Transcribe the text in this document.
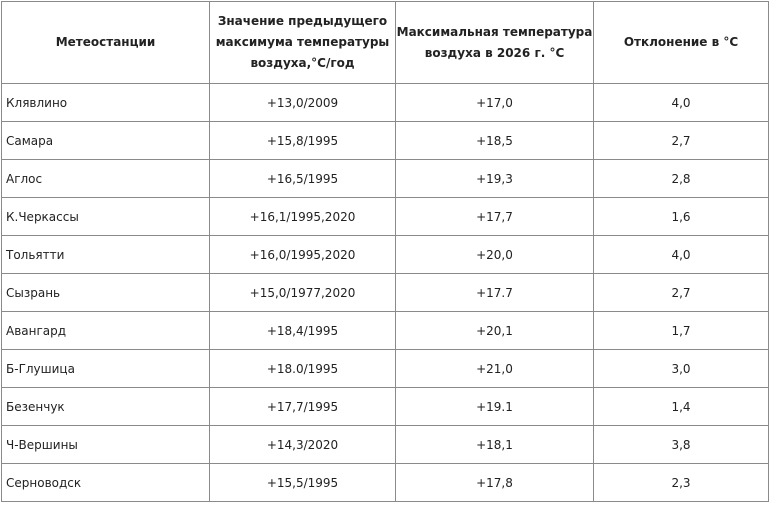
Метеостанции	Значение предыдущего максимума температуры воздуха,°С/год	Максимальная температура воздуха в 2026 г. °С	Отклонение в °С
Клявлино	+13,0/2009	+17,0	4,0
Самара	+15,8/1995	+18,5	2,7
Аглос	+16,5/1995	+19,3	2,8
К.Черкассы	+16,1/1995,2020	+17,7	1,6
Тольятти	+16,0/1995,2020	+20,0	4,0
Сызрань	+15,0/1977,2020	+17.7	2,7
Авангард	+18,4/1995	+20,1	1,7
Б-Глушица	+18.0/1995	+21,0	3,0
Безенчук	+17,7/1995	+19.1	1,4
Ч-Вершины	+14,3/2020	+18,1	3,8
Серноводск	+15,5/1995	+17,8	2,3
